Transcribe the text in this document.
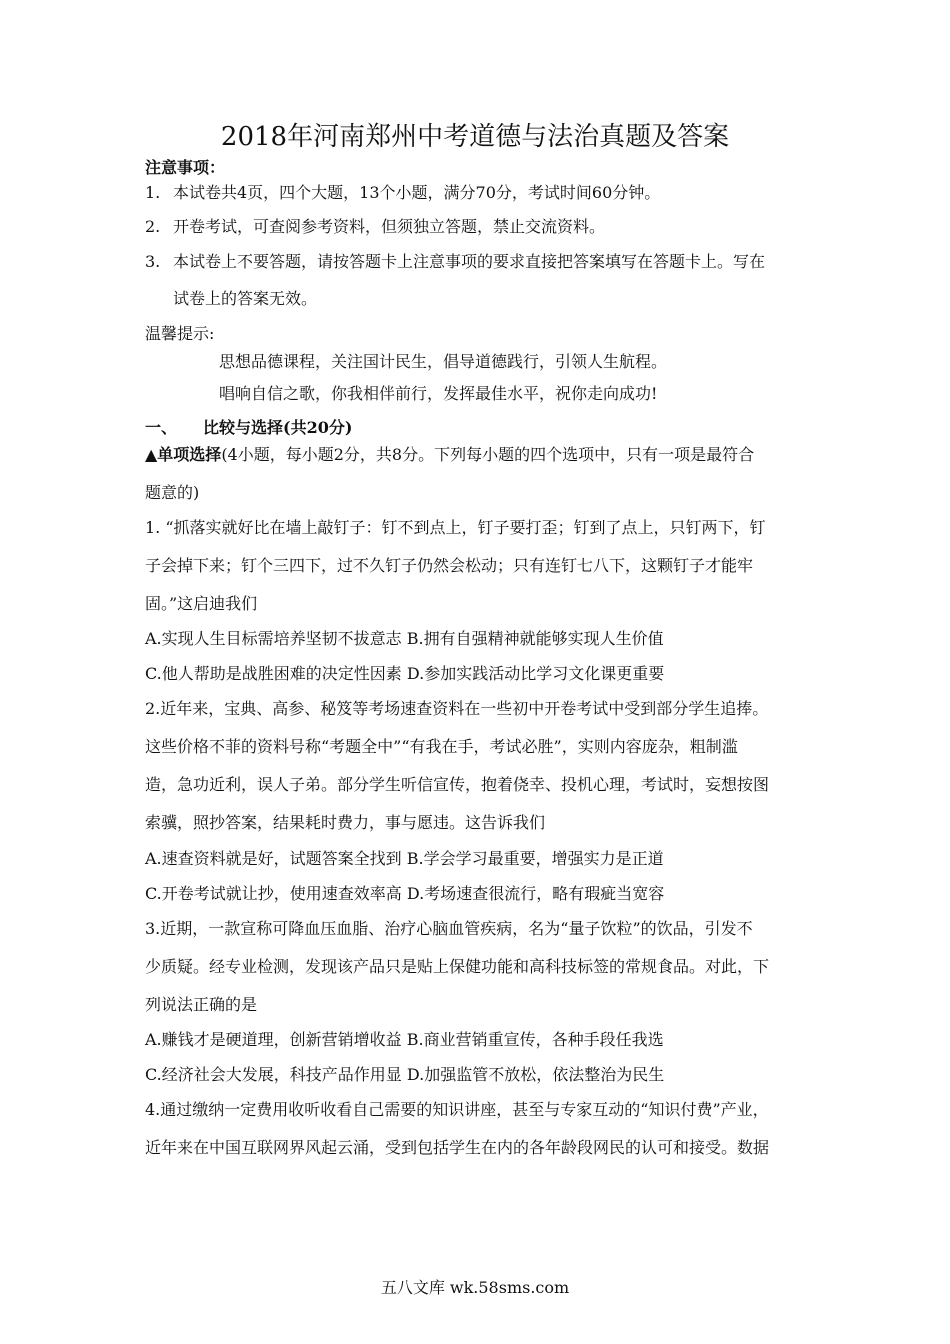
2018年河南郑州中考道德与法治真题及答案
注意事项：
1. 本试卷共4页，四个大题，13个小题，满分70分，考试时间60分钟。
2. 开卷考试，可查阅参考资料，但须独立答题，禁止交流资料。
3. 本试卷上不要答题，请按答题卡上注意事项的要求直接把答案填写在答题卡上。写在
试卷上的答案无效。
温馨提示:
思想品德课程，关注国计民生，倡导道德践行，引领人生航程。
唱响自信之歌，你我相伴前行，发挥最佳水平，祝你走向成功!
一、 比较与选择(共20分)
▲单项选择(4小题，每小题2分，共8分。下列每小题的四个选项中，只有一项是最符合
题意的)
1. “抓落实就好比在墙上敲钉子：钉不到点上，钉子要打歪；钉到了点上，只钉两下，钉
子会掉下来；钉个三四下，过不久钉子仍然会松动；只有连钉七八下，这颗钉子才能牢
固。”这启迪我们
A.实现人生目标需培养坚韧不拔意志 B.拥有自强精神就能够实现人生价值
C.他人帮助是战胜困难的决定性因素 D.参加实践活动比学习文化课更重要
2.近年来，宝典、高参、秘笈等考场速查资料在一些初中开卷考试中受到部分学生追捧。
这些价格不菲的资料号称“考题全中”“有我在手，考试必胜”，实则内容庞杂，粗制滥
造，急功近利，误人子弟。部分学生听信宣传，抱着侥幸、投机心理，考试时，妄想按图
索骥，照抄答案，结果耗时费力，事与愿违。这告诉我们
A.速查资料就是好，试题答案全找到 B.学会学习最重要，增强实力是正道
C.开卷考试就让抄，使用速查效率高 D.考场速查很流行，略有瑕疵当宽容
3.近期，一款宣称可降血压血脂、治疗心脑血管疾病，名为“量子饮粒”的饮品，引发不
少质疑。经专业检测，发现该产品只是贴上保健功能和高科技标签的常规食品。对此，下
列说法正确的是
A.赚钱才是硬道理，创新营销增收益 B.商业营销重宣传，各种手段任我选
C.经济社会大发展，科技产品作用显 D.加强监管不放松，依法整治为民生
4.通过缴纳一定费用收听收看自己需要的知识讲座，甚至与专家互动的“知识付费”产业，
近年来在中国互联网界风起云涌，受到包括学生在内的各年龄段网民的认可和接受。数据
五八文库 wk.58sms.com
